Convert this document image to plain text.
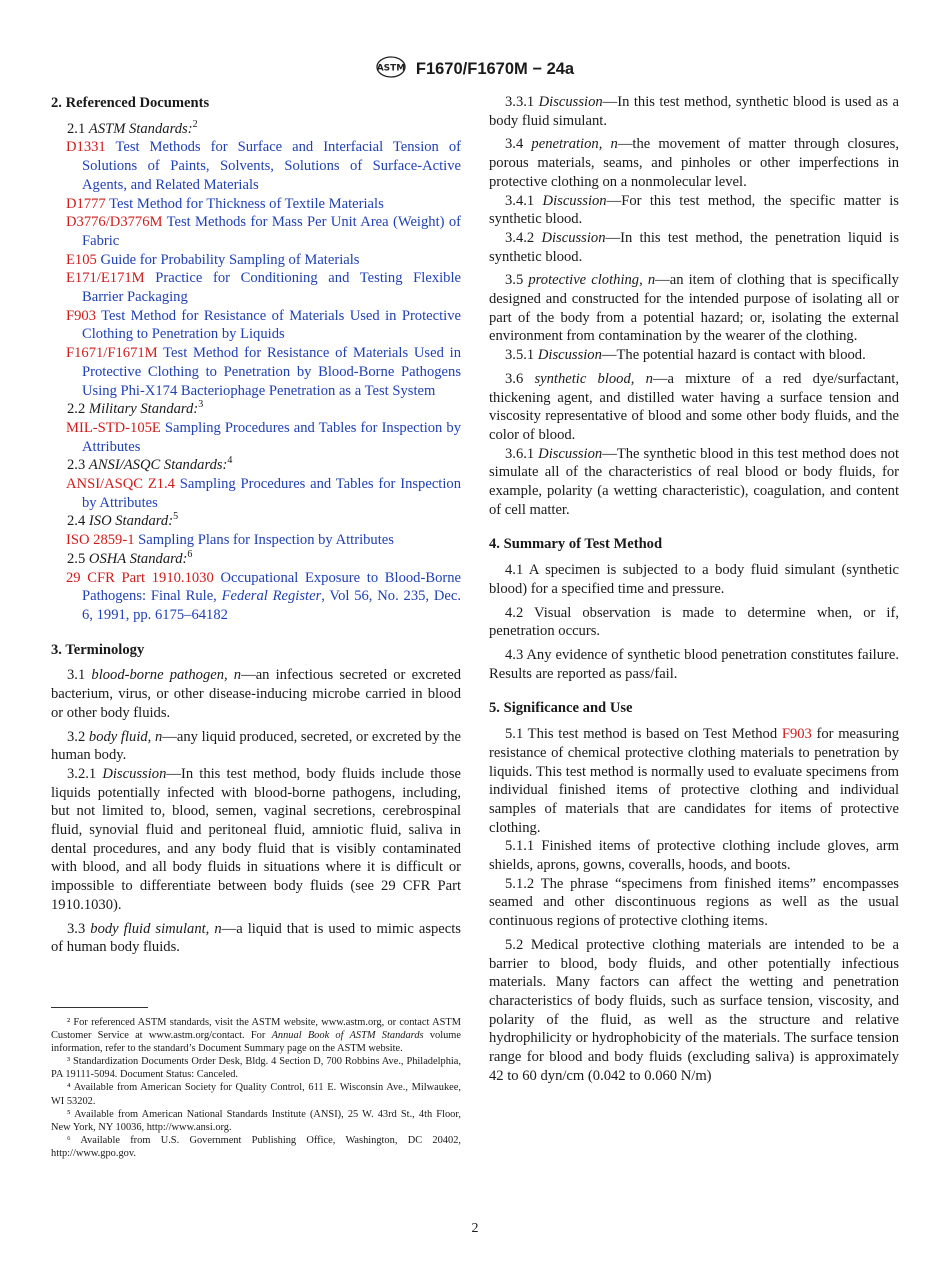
ASTM F1670/F1670M − 24a
2. Referenced Documents

2.1 ASTM Standards:$^2$

D1331 Test Methods for Surface and Interfacial Tension of Solutions of Paints, Solvents, Solutions of Surface-Active Agents, and Related Materials

D1777 Test Method for Thickness of Textile Materials

D3776/D3776M Test Methods for Mass Per Unit Area (Weight) of Fabric

E105 Guide for Probability Sampling of Materials

E171/E171M Practice for Conditioning and Testing Flexible Barrier Packaging

F903 Test Method for Resistance of Materials Used in Protective Clothing to Penetration by Liquids

F1671/F1671M Test Method for Resistance of Materials Used in Protective Clothing to Penetration by Blood-Borne Pathogens Using Phi-X174 Bacteriophage Penetration as a Test System

2.2 Military Standard:$^3$

MIL-STD-105E Sampling Procedures and Tables for Inspection by Attributes

2.3 ANSI/ASQC Standards:$^4$

ANSI/ASQC Z1.4 Sampling Procedures and Tables for Inspection by Attributes

2.4 ISO Standard:$^5$

ISO 2859-1 Sampling Plans for Inspection by Attributes

2.5 OSHA Standard:$^6$

29 CFR Part 1910.1030 Occupational Exposure to Blood-Borne Pathogens: Final Rule, Federal Register, Vol 56, No. 235, Dec. 6, 1991, pp. 6175–64182

3. Terminology

3.1 blood-borne pathogen, n—an infectious secreted or excreted bacterium, virus, or other disease-inducing microbe carried in blood or other body fluids.

3.2 body fluid, n—any liquid produced, secreted, or excreted by the human body.

3.2.1 Discussion—In this test method, body fluids include those liquids potentially infected with blood-borne pathogens, including, but not limited to, blood, semen, vaginal secretions, cerebrospinal fluid, synovial fluid and peritoneal fluid, amniotic fluid, saliva in dental procedures, and any body fluid that is visibly contaminated with blood, and all body fluids in situations where it is difficult or impossible to differentiate between body fluids (see 29 CFR Part 1910.1030).

3.3 body fluid simulant, n—a liquid that is used to mimic aspects of human body fluids.

² For referenced ASTM standards, visit the ASTM website, www.astm.org, or contact ASTM Customer Service at www.astm.org/contact. For Annual Book of ASTM Standards volume information, refer to the standard’s Document Summary page on the ASTM website.

³ Standardization Documents Order Desk, Bldg. 4 Section D, 700 Robbins Ave., Philadelphia, PA 19111-5094. Document Status: Canceled.

⁴ Available from American Society for Quality Control, 611 E. Wisconsin Ave., Milwaukee, WI 53202.

⁵ Available from American National Standards Institute (ANSI), 25 W. 43rd St., 4th Floor, New York, NY 10036, http://www.ansi.org.

⁶ Available from U.S. Government Publishing Office, Washington, DC 20402, http://www.gpo.gov.

3.3.1 Discussion—In this test method, synthetic blood is used as a body fluid simulant.

3.4 penetration, n—the movement of matter through closures, porous materials, seams, and pinholes or other imperfections in protective clothing on a nonmolecular level.

3.4.1 Discussion—For this test method, the specific matter is synthetic blood.

3.4.2 Discussion—In this test method, the penetration liquid is synthetic blood.

3.5 protective clothing, n—an item of clothing that is specifically designed and constructed for the intended purpose of isolating all or part of the body from a potential hazard; or, isolating the external environment from contamination by the wearer of the clothing.

3.5.1 Discussion—The potential hazard is contact with blood.

3.6 synthetic blood, n—a mixture of a red dye/surfactant, thickening agent, and distilled water having a surface tension and viscosity representative of blood and some other body fluids, and the color of blood.

3.6.1 Discussion—The synthetic blood in this test method does not simulate all of the characteristics of real blood or body fluids, for example, polarity (a wetting characteristic), coagulation, and content of cell matter.

4. Summary of Test Method

4.1 A specimen is subjected to a body fluid simulant (synthetic blood) for a specified time and pressure.

4.2 Visual observation is made to determine when, or if, penetration occurs.

4.3 Any evidence of synthetic blood penetration constitutes failure. Results are reported as pass/fail.

5. Significance and Use

5.1 This test method is based on Test Method F903 for measuring resistance of chemical protective clothing materials to penetration by liquids. This test method is normally used to evaluate specimens from individual finished items of protective clothing and individual samples of materials that are candidates for items of protective clothing.

5.1.1 Finished items of protective clothing include gloves, arm shields, aprons, gowns, coveralls, hoods, and boots.

5.1.2 The phrase “specimens from finished items” encompasses seamed and other discontinuous regions as well as the usual continuous regions of protective clothing items.

5.2 Medical protective clothing materials are intended to be a barrier to blood, body fluids, and other potentially infectious materials. Many factors can affect the wetting and penetration characteristics of body fluids, such as surface tension, viscosity, and polarity of the fluid, as well as the structure and relative hydrophilicity or hydrophobicity of the materials. The surface tension range for blood and body fluids (excluding saliva) is approximately 42 to 60 dyn/cm (0.042 to 0.060 N/m)

2
